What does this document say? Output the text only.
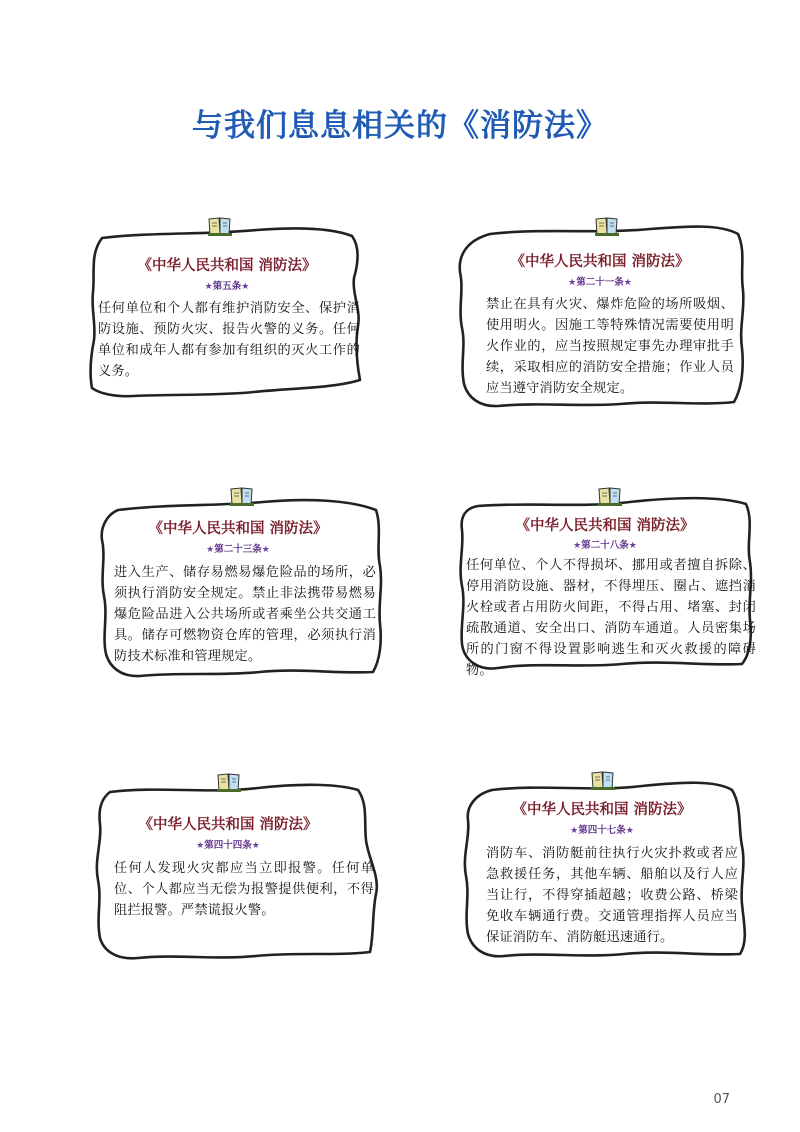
与我们息息相关的《消防法》
《中华人民共和国 消防法》
★第五条★
任何单位和个人都有维护消防安全、保护消防设施、预防火灾、报告火警的义务。任何单位和成年人都有参加有组织的灭火工作的义务。
《中华人民共和国 消防法》
★第二十一条★
禁止在具有火灾、爆炸危险的场所吸烟、使用明火。因施工等特殊情况需要使用明火作业的，应当按照规定事先办理审批手续，采取相应的消防安全措施；作业人员应当遵守消防安全规定。
《中华人民共和国 消防法》
★第二十三条★
进入生产、储存易燃易爆危险品的场所，必须执行消防安全规定。禁止非法携带易燃易爆危险品进入公共场所或者乘坐公共交通工具。储存可燃物资仓库的管理，必须执行消防技术标准和管理规定。
《中华人民共和国 消防法》
★第二十八条★
任何单位、个人不得损坏、挪用或者擅自拆除、停用消防设施、器材，不得埋压、圈占、遮挡消火栓或者占用防火间距，不得占用、堵塞、封闭疏散通道、安全出口、消防车通道。人员密集场所的门窗不得设置影响逃生和灭火救援的障碍物。
《中华人民共和国 消防法》
★第四十四条★
任何人发现火灾都应当立即报警。任何单位、个人都应当无偿为报警提供便利，不得阻拦报警。严禁谎报火警。
《中华人民共和国 消防法》
★第四十七条★
消防车、消防艇前往执行火灾扑救或者应急救援任务，其他车辆、船舶以及行人应当让行，不得穿插超越；收费公路、桥梁免收车辆通行费。交通管理指挥人员应当保证消防车、消防艇迅速通行。
07
